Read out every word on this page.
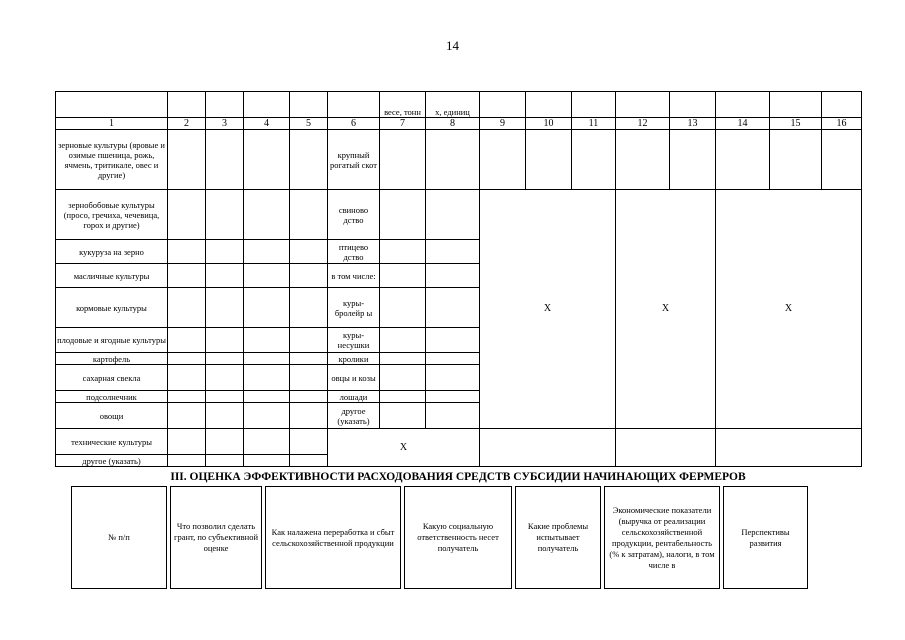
14
						весе, тонн	х, единиц								
1	2	3	4	5	6	7	8	9	10	11	12	13	14	15	16
зерновые культуры (яровые и озимые пшеница, рожь, ячмень, тритикале, овес и другие)					крупный рогатый скот										
зернобобовые культуры (просо, гречиха, чечевица, горох и другие)					свиново дство			X			X		X		
кукуруза на зерно					птицево дство										
масличные культуры					в том числе:										
кормовые культуры					куры-бролейр ы										
плодовые и ягодные культуры					куры-несушки										
картофель					кролики										
сахарная свекла					овцы и козы										
подсолнечник					лошади										
овощи					другое (указать)										
технические культуры					X										
другое (указать)															
III. ОЦЕНКА ЭФФЕКТИВНОСТИ РАСХОДОВАНИЯ СРЕДСТВ СУБСИДИИ НАЧИНАЮЩИХ ФЕРМЕРОВ
№ п/п	Что позволил сделать грант, по субъективной оценке	Как налажена переработка и сбыт сельскохозяйственной продукции	Какую социальную ответственность несет получатель	Какие проблемы испытывает получатель	Экономические показатели (выручка от реализации сельскохозяйственной продукции, рентабельность (% к затратам), налоги, в том числе в	Перспективы развития
